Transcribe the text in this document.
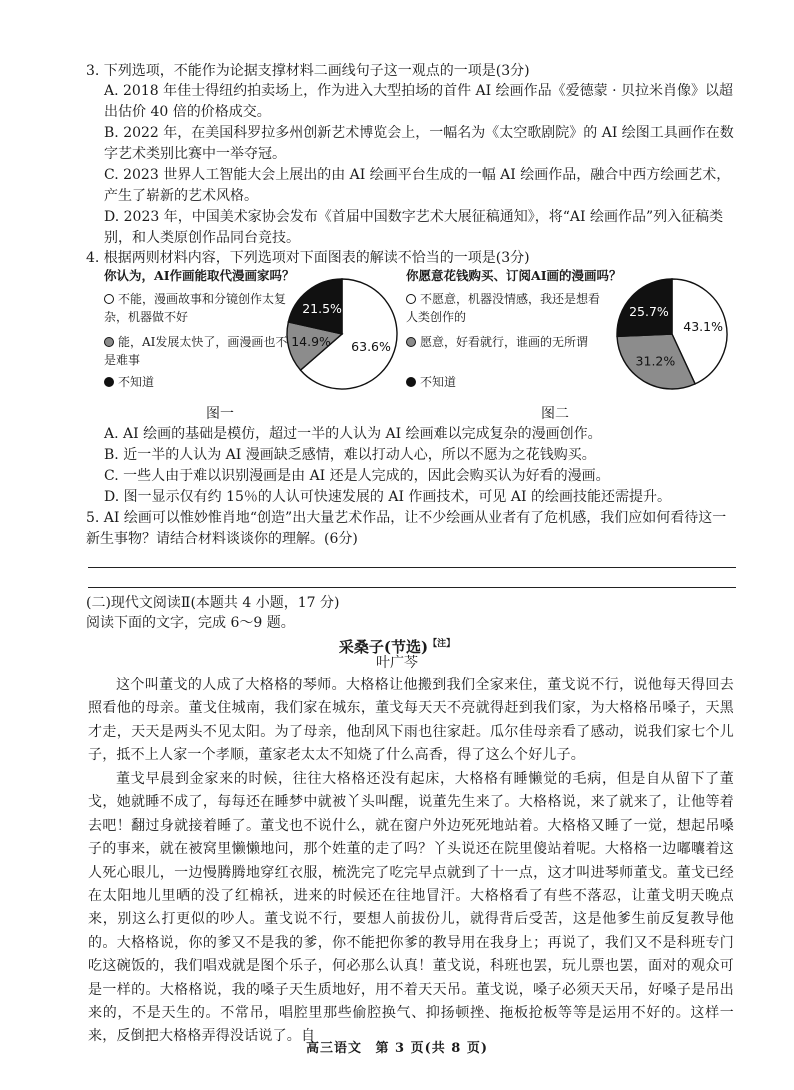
3. 下列选项，不能作为论据支撑材料二画线句子这一观点的一项是(3分)
A. 2018 年佳士得纽约拍卖场上，作为进入大型拍场的首件 AI 绘画作品《爱德蒙 · 贝拉米肖像》以超出估价 40 倍的价格成交。
B. 2022 年，在美国科罗拉多州创新艺术博览会上，一幅名为《太空歌剧院》的 AI 绘图工具画作在数字艺术类别比赛中一举夺冠。
C. 2023 世界人工智能大会上展出的由 AI 绘画平台生成的一幅 AI 绘画作品，融合中西方绘画艺术，产生了崭新的艺术风格。
D. 2023 年，中国美术家协会发布《首届中国数字艺术大展征稿通知》，将“AI 绘画作品”列入征稿类别，和人类原创作品同台竞技。
4. 根据两则材料内容，下列选项对下面图表的解读不恰当的一项是(3分)
你认为，AI作画能取代漫画家吗？
不能，漫画故事和分镜创作太复杂，机器做不好
能，AI发展太快了，画漫画也不是难事
不知道
63.6%
14.9%
21.5%
图一
你愿意花钱购买、订阅AI画的漫画吗？
不愿意，机器没情感，我还是想看人类创作的
愿意，好看就行，谁画的无所谓
不知道
43.1%
31.2%
25.7%
图二
A. AI 绘画的基础是模仿，超过一半的人认为 AI 绘画难以完成复杂的漫画创作。
B. 近一半的人认为 AI 漫画缺乏感情，难以打动人心，所以不愿为之花钱购买。
C. 一些人由于难以识别漫画是由 AI 还是人完成的，因此会购买认为好看的漫画。
D. 图一显示仅有约 15％的人认可快速发展的 AI 作画技术，可见 AI 的绘画技能还需提升。
5. AI 绘画可以惟妙惟肖地“创造”出大量艺术作品，让不少绘画从业者有了危机感，我们应如何看待这一新生事物？请结合材料谈谈你的理解。(6分)
(二)现代文阅读Ⅱ(本题共 4 小题，17 分)
阅读下面的文字，完成 6～9 题。
采桑子(节选)$^{【注】}$
叶广芩
这个叫董戈的人成了大格格的琴师。大格格让他搬到我们全家来住，董戈说不行，说他每天得回去照看他的母亲。董戈住城南，我们家在城东，董戈每天天不亮就得赶到我们家，为大格格吊嗓子，天黑才走，天天是两头不见太阳。为了母亲，他刮风下雨也往家赶。瓜尔佳母亲看了感动，说我们家七个儿子，抵不上人家一个孝顺，董家老太太不知烧了什么高香，得了这么个好儿子。
董戈早晨到金家来的时候，往往大格格还没有起床，大格格有睡懒觉的毛病，但是自从留下了董戈，她就睡不成了，每每还在睡梦中就被丫头叫醒，说董先生来了。大格格说，来了就来了，让他等着去吧！翻过身就接着睡了。董戈也不说什么，就在窗户外边死死地站着。大格格又睡了一觉，想起吊嗓子的事来，就在被窝里懒懒地问，那个姓董的走了吗？丫头说还在院里傻站着呢。大格格一边嘟囔着这人死心眼儿，一边慢腾腾地穿红衣服，梳洗完了吃完早点就到了十一点，这才叫进琴师董戈。董戈已经在太阳地儿里晒的没了红棉袄，进来的时候还在往地冒汗。大格格看了有些不落忍，让董戈明天晚点来，别这么打更似的吵人。董戈说不行，要想人前拔份儿，就得背后受苦，这是他爹生前反复教导他的。大格格说，你的爹又不是我的爹，你不能把你爹的教导用在我身上；再说了，我们又不是科班专门吃这碗饭的，我们唱戏就是图个乐子，何必那么认真！董戈说，科班也罢，玩儿票也罢，面对的观众可是一样的。大格格说，我的嗓子天生质地好，用不着天天吊。董戈说，嗓子必须天天吊，好嗓子是吊出来的，不是天生的。不常吊，唱腔里那些偷腔换气、抑扬顿挫、拖板抢板等等是运用不好的。这样一来，反倒把大格格弄得没话说了。自
高三语文 第 3 页(共 8 页)
